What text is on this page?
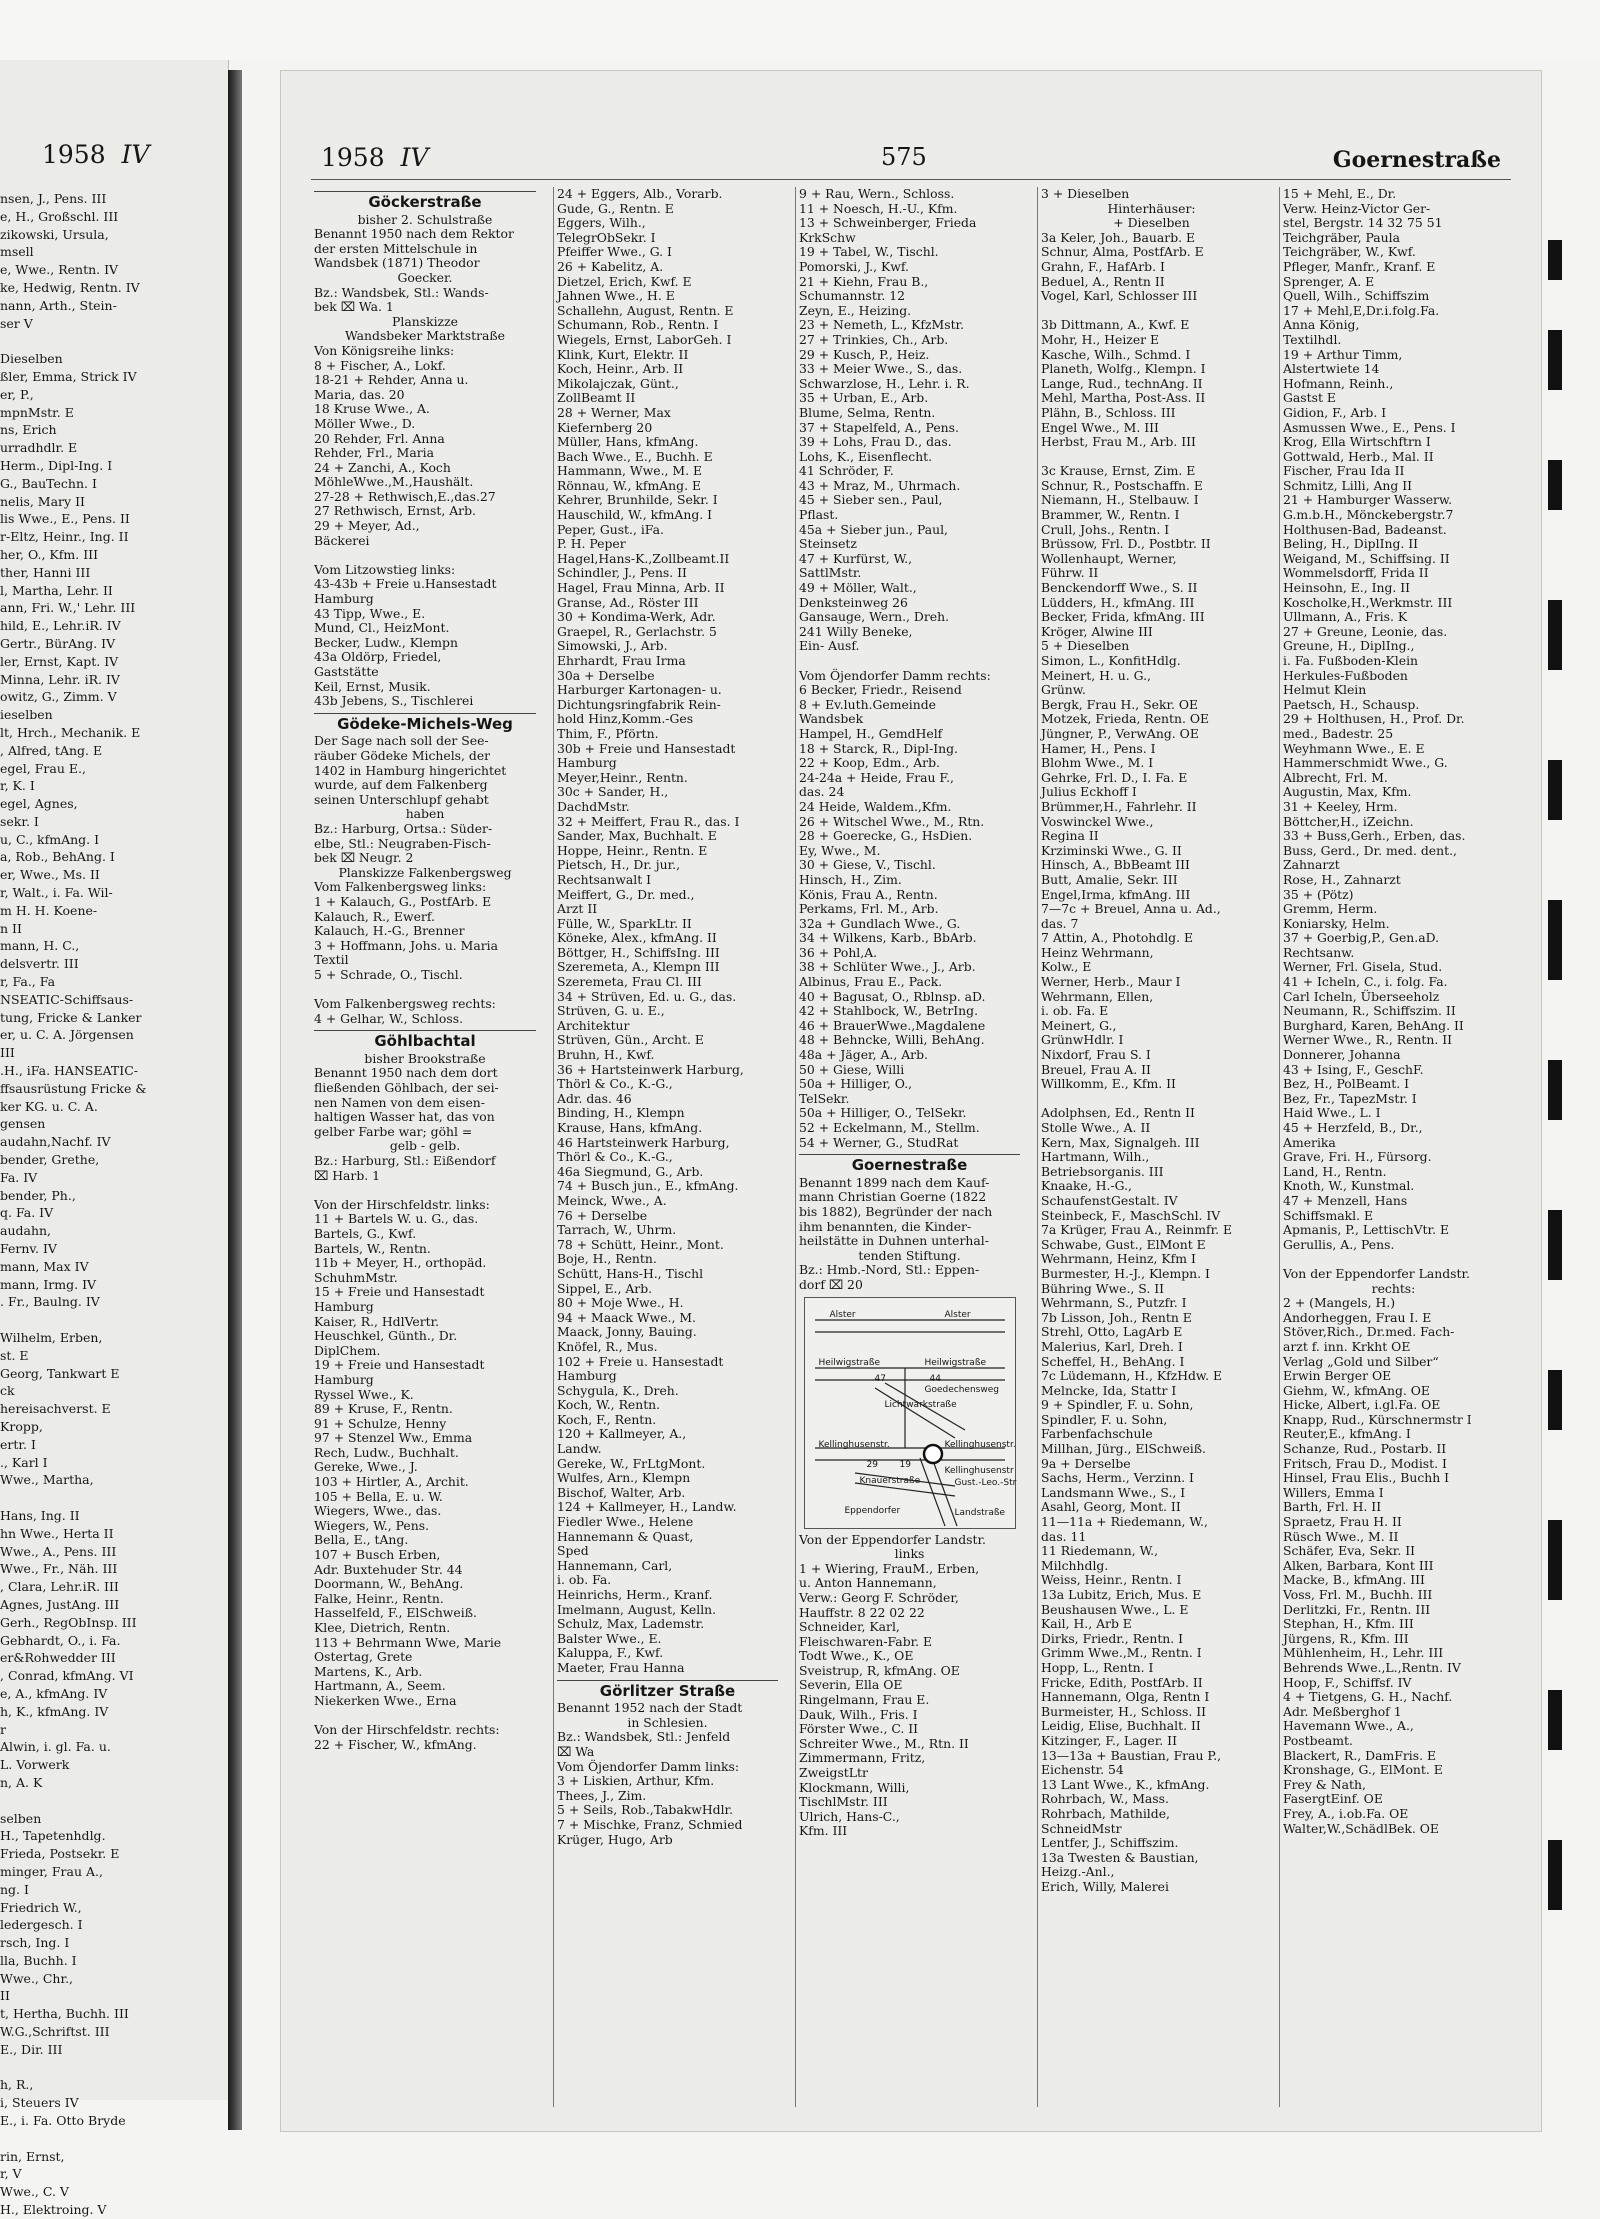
1958 IV
nsen, J., Pens. III
e, H., Großschl. III
zikowski, Ursula,
msell
e, Wwe., Rentn. IV
ke, Hedwig, Rentn. IV
nann, Arth., Stein-
ser V

Dieselben
ßler, Emma, Strick IV
er, P.,
mpnMstr. E
ns, Erich
urradhdlr. E
Herm., Dipl-Ing. I
G., BauTechn. I
nelis, Mary II
lis Wwe., E., Pens. II
r-Eltz, Heinr., Ing. II
her, O., Kfm. III
ther, Hanni III
l, Martha, Lehr. II
ann, Fri. W.,' Lehr. III
hild, E., Lehr.iR. IV
Gertr., BürAng. IV
ler, Ernst, Kapt. IV
Minna, Lehr. iR. IV
owitz, G., Zimm. V
ieselben
lt, Hrch., Mechanik. E
, Alfred, tAng. E
egel, Frau E.,
r, K. I
egel, Agnes,
sekr. I
u, C., kfmAng. I
a, Rob., BehAng. I
er, Wwe., Ms. II
r, Walt., i. Fa. Wil-
m H. H. Koene-
n II
mann, H. C.,
delsvertr. III
r, Fa., Fa
NSEATIC-Schiffsaus-
tung, Fricke & Lanker
er, u. C. A. Jörgensen
III
.H., iFa. HANSEATIC-
ffsausrüstung Fricke &
ker KG. u. C. A.
gensen
audahn,Nachf. IV
bender, Grethe,
Fa. IV
bender, Ph.,
q. Fa. IV
audahn,
Fernv. IV
mann, Max IV
mann, Irmg. IV
. Fr., Baulng. IV

Wilhelm, Erben,
st. E
Georg, Tankwart E
ck
hereisachverst. E
Kropp,
ertr. I
., Karl I
Wwe., Martha,

Hans, Ing. II
hn Wwe., Herta II
Wwe., A., Pens. III
Wwe., Fr., Näh. III
, Clara, Lehr.iR. III
Agnes, JustAng. III
Gerh., RegObInsp. III
Gebhardt, O., i. Fa.
er&Rohwedder III
, Conrad, kfmAng. VI
e, A., kfmAng. IV
h, K., kfmAng. IV
r
Alwin, i. gl. Fa. u.
L. Vorwerk
n, A. K

selben
H., Tapetenhdlg.
Frieda, Postsekr. E
minger, Frau A.,
ng. I
Friedrich W.,
ledergesch. I
rsch, Ing. I
lla, Buchh. I
Wwe., Chr.,
II
t, Hertha, Buchh. III
W.G.,Schriftst. III
E., Dir. III

h, R.,
i, Steuers IV
E., i. Fa. Otto Bryde

rin, Ernst,
r, V
Wwe., C. V
H., Elektroing. V
1958 IV	575	Goernestraße

Göckerstraße

bisher 2. Schulstraße

Benannt 1950 nach dem Rektor

der ersten Mittelschule in

Wandsbek (1871) Theodor

Goecker.

Bz.: Wandsbek, Stl.: Wands-

bek ⌧ Wa. 1

Planskizze

Wandsbeker Marktstraße

Von Königsreihe links:

8 + Fischer, A., Lokf.

18-21 + Rehder, Anna u.

Maria, das. 20

18 Kruse Wwe., A.

Möller Wwe., D.

20 Rehder, Frl. Anna

Rehder, Frl., Maria

24 + Zanchi, A., Koch

MöhleWwe.,M.,Haushält.

27-28 + Rethwisch,E.,das.27

27 Rethwisch, Ernst, Arb.

29 + Meyer, Ad.,

Bäckerei

Vom Litzowstieg links:

43-43b + Freie u.Hansestadt

Hamburg

43 Tipp, Wwe., E.

Mund, Cl., HeizMont.

Becker, Ludw., Klempn

43a Oldörp, Friedel,

Gaststätte

Keil, Ernst, Musik.

43b Jebens, S., Tischlerei

Gödeke-Michels-Weg

Der Sage nach soll der See-

räuber Gödeke Michels, der

1402 in Hamburg hingerichtet

wurde, auf dem Falkenberg

seinen Unterschlupf gehabt

haben

Bz.: Harburg, Ortsa.: Süder-

elbe, Stl.: Neugraben-Fisch-

bek ⌧ Neugr. 2

Planskizze Falkenbergsweg

Vom Falkenbergsweg links:

1 + Kalauch, G., PostfArb. E

Kalauch, R., Ewerf.

Kalauch, H.-G., Brenner

3 + Hoffmann, Johs. u. Maria

Textil

5 + Schrade, O., Tischl.

Vom Falkenbergsweg rechts:

4 + Gelhar, W., Schloss.

Göhlbachtal

bisher Brookstraße

Benannt 1950 nach dem dort

fließenden Göhlbach, der sei-

nen Namen von dem eisen-

haltigen Wasser hat, das von

gelber Farbe war; göhl =

gelb - gelb.

Bz.: Harburg, Stl.: Eißendorf

⌧ Harb. 1

Von der Hirschfeldstr. links:

11 + Bartels W. u. G., das.

Bartels, G., Kwf.

Bartels, W., Rentn.

11b + Meyer, H., orthopäd.

SchuhmMstr.

15 + Freie und Hansestadt

Hamburg

Kaiser, R., HdlVertr.

Heuschkel, Günth., Dr.

DiplChem.

19 + Freie und Hansestadt

Hamburg

Ryssel Wwe., K.

89 + Kruse, F., Rentn.

91 + Schulze, Henny

97 + Stenzel Ww., Emma

Rech, Ludw., Buchhalt.

Gereke, Wwe., J.

103 + Hirtler, A., Archit.

105 + Bella, E. u. W.

Wiegers, Wwe., das.

Wiegers, W., Pens.

Bella, E., tAng.

107 + Busch Erben,

Adr. Buxtehuder Str. 44

Doormann, W., BehAng.

Falke, Heinr., Rentn.

Hasselfeld, F., ElSchweiß.

Klee, Dietrich, Rentn.

113 + Behrmann Wwe, Marie

Ostertag, Grete

Martens, K., Arb.

Hartmann, A., Seem.

Niekerken Wwe., Erna

Von der Hirschfeldstr. rechts:

22 + Fischer, W., kfmAng.

24 + Eggers, Alb., Vorarb.

Gude, G., Rentn. E

Eggers, Wilh.,

TelegrObSekr. I

Pfeiffer Wwe., G. I

26 + Kabelitz, A.

Dietzel, Erich, Kwf. E

Jahnen Wwe., H. E

Schallehn, August, Rentn. E

Schumann, Rob., Rentn. I

Wiegels, Ernst, LaborGeh. I

Klink, Kurt, Elektr. II

Koch, Heinr., Arb. II

Mikolajczak, Günt.,

ZollBeamt II

28 + Werner, Max

Kiefernberg 20

Müller, Hans, kfmAng.

Bach Wwe., E., Buchh. E

Hammann, Wwe., M. E

Rönnau, W., kfmAng. E

Kehrer, Brunhilde, Sekr. I

Hauschild, W., kfmAng. I

Peper, Gust., iFa.

P. H. Peper

Hagel,Hans-K.,Zollbeamt.II

Schindler, J., Pens. II

Hagel, Frau Minna, Arb. II

Granse, Ad., Röster III

30 + Kondima-Werk, Adr.

Graepel, R., Gerlachstr. 5

Simowski, J., Arb.

Ehrhardt, Frau Irma

30a + Derselbe

Harburger Kartonagen- u.

Dichtungsringfabrik Rein-

hold Hinz,Komm.-Ges

Thim, F., Pförtn.

30b + Freie und Hansestadt

Hamburg

Meyer,Heinr., Rentn.

30c + Sander, H.,

DachdMstr.

32 + Meiffert, Frau R., das. I

Sander, Max, Buchhalt. E

Hoppe, Heinr., Rentn. E

Pietsch, H., Dr. jur.,

Rechtsanwalt I

Meiffert, G., Dr. med.,

Arzt II

Fülle, W., SparkLtr. II

Köneke, Alex., kfmAng. II

Böttger, H., SchiffsIng. III

Szeremeta, A., Klempn III

Szeremeta, Frau Cl. III

34 + Strüven, Ed. u. G., das.

Strüven, G. u. E.,

Architektur

Strüven, Gün., Archt. E

Bruhn, H., Kwf.

36 + Hartsteinwerk Harburg,

Thörl & Co., K.-G.,

Adr. das. 46

Binding, H., Klempn

Krause, Hans, kfmAng.

46 Hartsteinwerk Harburg,

Thörl & Co., K.-G.,

46a Siegmund, G., Arb.

74 + Busch jun., E., kfmAng.

Meinck, Wwe., A.

76 + Derselbe

Tarrach, W., Uhrm.

78 + Schütt, Heinr., Mont.

Boje, H., Rentn.

Schütt, Hans-H., Tischl

Sippel, E., Arb.

80 + Moje Wwe., H.

94 + Maack Wwe., M.

Maack, Jonny, Bauing.

Knöfel, R., Mus.

102 + Freie u. Hansestadt

Hamburg

Schygula, K., Dreh.

Koch, W., Rentn.

Koch, F., Rentn.

120 + Kallmeyer, A.,

Landw.

Gereke, W., FrLtgMont.

Wulfes, Arn., Klempn

Bischof, Walter, Arb.

124 + Kallmeyer, H., Landw.

Fiedler Wwe., Helene

Hannemann & Quast,

Sped

Hannemann, Carl,

i. ob. Fa.

Heinrichs, Herm., Kranf.

Imelmann, August, Kelln.

Schulz, Max, Lademstr.

Balster Wwe., E.

Kaluppa, F., Kwf.

Maeter, Frau Hanna

Görlitzer Straße

Benannt 1952 nach der Stadt

in Schlesien.

Bz.: Wandsbek, Stl.: Jenfeld

⌧ Wa

Vom Öjendorfer Damm links:

3 + Liskien, Arthur, Kfm.

Thees, J., Zim.

5 + Seils, Rob.,TabakwHdlr.

7 + Mischke, Franz, Schmied

Krüger, Hugo, Arb

9 + Rau, Wern., Schloss.

11 + Noesch, H.-U., Kfm.

13 + Schweinberger, Frieda

KrkSchw

19 + Tabel, W., Tischl.

Pomorski, J., Kwf.

21 + Kiehn, Frau B.,

Schumannstr. 12

Zeyn, E., Heizing.

23 + Nemeth, L., KfzMstr.

27 + Trinkies, Ch., Arb.

29 + Kusch, P., Heiz.

33 + Meier Wwe., S., das.

Schwarzlose, H., Lehr. i. R.

35 + Urban, E., Arb.

Blume, Selma, Rentn.

37 + Stapelfeld, A., Pens.

39 + Lohs, Frau D., das.

Lohs, K., Eisenflecht.

41 Schröder, F.

43 + Mraz, M., Uhrmach.

45 + Sieber sen., Paul,

Pflast.

45a + Sieber jun., Paul,

Steinsetz

47 + Kurfürst, W.,

SattlMstr.

49 + Möller, Walt.,

Denksteinweg 26

Gansauge, Wern., Dreh.

241 Willy Beneke,

Ein- Ausf.

Vom Öjendorfer Damm rechts:

6 Becker, Friedr., Reisend

8 + Ev.luth.Gemeinde

Wandsbek

Hampel, H., GemdHelf

18 + Starck, R., Dipl-Ing.

22 + Koop, Edm., Arb.

24-24a + Heide, Frau F.,

das. 24

24 Heide, Waldem.,Kfm.

26 + Witschel Wwe., M., Rtn.

28 + Goerecke, G., HsDien.

Ey, Wwe., M.

30 + Giese, V., Tischl.

Hinsch, H., Zim.

Könis, Frau A., Rentn.

Perkams, Frl. M., Arb.

32a + Gundlach Wwe., G.

34 + Wilkens, Karb., BbArb.

36 + Pohl,A.

38 + Schlüter Wwe., J., Arb.

Albinus, Frau E., Pack.

40 + Bagusat, O., Rblnsp. aD.

42 + Stahlbock, W., BetrIng.

46 + BrauerWwe.,Magdalene

48 + Behncke, Willi, BehAng.

48a + Jäger, A., Arb.

50 + Giese, Willi

50a + Hilliger, O.,

TelSekr.

50a + Hilliger, O., TelSekr.

52 + Eckelmann, M., Stellm.

54 + Werner, G., StudRat

Goernestraße

Benannt 1899 nach dem Kauf-

mann Christian Goerne (1822

bis 1882), Begründer der nach

ihm benannten, die Kinder-

heilstätte in Duhnen unterhal-

tenden Stiftung.

Bz.: Hmb.-Nord, Stl.: Eppen-

dorf ⌧ 20

Alster	Alster
Heilwigstraße	Heilwigstraße
Goedechensweg
Kellinghusenstr.	Kellinghusenstr.
Kellinghusenstr
Knauerstraße	Gust.-Leo.-Str
Eppendorfer	Landstraße
Lichtwarkstraße
47	44
29 19

Von der Eppendorfer Landstr.

links

1 + Wiering, FrauM., Erben,

u. Anton Hannemann,

Verw.: Georg F. Schröder,

Hauffstr. 8 22 02 22

Schneider, Karl,

Fleischwaren-Fabr. E

Todt Wwe., K., OE

Sveistrup, R, kfmAng. OE

Severin, Ella OE

Ringelmann, Frau E.

Dauk, Wilh., Fris. I

Förster Wwe., C. II

Schreiter Wwe., M., Rtn. II

Zimmermann, Fritz,

ZweigstLtr

Klockmann, Willi,

TischlMstr. III

Ulrich, Hans-C.,

Kfm. III

3 + Dieselben

Hinterhäuser:

+ Dieselben

3a Keler, Joh., Bauarb. E

Schnur, Alma, PostfArb. E

Grahn, F., HafArb. I

Beduel, A., Rentn II

Vogel, Karl, Schlosser III

3b Dittmann, A., Kwf. E

Mohr, H., Heizer E

Kasche, Wilh., Schmd. I

Planeth, Wolfg., Klempn. I

Lange, Rud., technAng. II

Mehl, Martha, Post-Ass. II

Plähn, B., Schloss. III

Engel Wwe., M. III

Herbst, Frau M., Arb. III

3c Krause, Ernst, Zim. E

Schnur, R., Postschaffn. E

Niemann, H., Stelbauw. I

Brammer, W., Rentn. I

Crull, Johs., Rentn. I

Brüssow, Frl. D., Postbtr. II

Wollenhaupt, Werner,

Führw. II

Benckendorff Wwe., S. II

Lüdders, H., kfmAng. III

Becker, Frida, kfmAng. III

Kröger, Alwine III

5 + Dieselben

Simon, L., KonfitHdlg.

Meinert, H. u. G.,

Grünw.

Bergk, Frau H., Sekr. OE

Motzek, Frieda, Rentn. OE

Jüngner, P., VerwAng. OE

Hamer, H., Pens. I

Blohm Wwe., M. I

Gehrke, Frl. D., I. Fa. E

Julius Eckhoff I

Brümmer,H., Fahrlehr. II

Voswinckel Wwe.,

Regina II

Krziminski Wwe., G. II

Hinsch, A., BbBeamt III

Butt, Amalie, Sekr. III

Engel,Irma, kfmAng. III

7—7c + Breuel, Anna u. Ad.,

das. 7

7 Attin, A., Photohdlg. E

Heinz Wehrmann,

Kolw., E

Werner, Herb., Maur I

Wehrmann, Ellen,

i. ob. Fa. E

Meinert, G.,

GrünwHdlr. I

Nixdorf, Frau S. I

Breuel, Frau A. II

Willkomm, E., Kfm. II

Adolphsen, Ed., Rentn II

Stolle Wwe., A. II

Kern, Max, Signalgeh. III

Hartmann, Wilh.,

Betriebsorganis. III

Knaake, H.-G.,

SchaufenstGestalt. IV

Steinbeck, F., MaschSchl. IV

7a Krüger, Frau A., Reinmfr. E

Schwabe, Gust., ElMont E

Wehrmann, Heinz, Kfm I

Burmester, H.-J., Klempn. I

Bühring Wwe., S. II

Wehrmann, S., Putzfr. I

7b Lisson, Joh., Rentn E

Strehl, Otto, LagArb E

Malerius, Karl, Dreh. I

Scheffel, H., BehAng. I

7c Lüdemann, H., KfzHdw. E

Melncke, Ida, Stattr I

9 + Spindler, F. u. Sohn,

Spindler, F. u. Sohn,

Farbenfachschule

Millhan, Jürg., ElSchweiß.

9a + Derselbe

Sachs, Herm., Verzinn. I

Landsmann Wwe., S., I

Asahl, Georg, Mont. II

11—11a + Riedemann, W.,

das. 11

11 Riedemann, W.,

Milchhdlg.

Weiss, Heinr., Rentn. I

13a Lubitz, Erich, Mus. E

Beushausen Wwe., L. E

Kail, H., Arb E

Dirks, Friedr., Rentn. I

Grimm Wwe.,M., Rentn. I

Hopp, L., Rentn. I

Fricke, Edith, PostfArb. II

Hannemann, Olga, Rentn I

Burmeister, H., Schloss. II

Leidig, Elise, Buchhalt. II

Kitzinger, F., Lager. II

13—13a + Baustian, Frau P.,

Eichenstr. 54

13 Lant Wwe., K., kfmAng.

Rohrbach, W., Mass.

Rohrbach, Mathilde,

SchneidMstr

Lentfer, J., Schiffszim.

13a Twesten & Baustian,

Heizg.-Anl.,

Erich, Willy, Malerei

15 + Mehl, E., Dr.

Verw. Heinz-Victor Ger-

stel, Bergstr. 14 32 75 51

Teichgräber, Paula

Teichgräber, W., Kwf.

Pfleger, Manfr., Kranf. E

Sprenger, A. E

Quell, Wilh., Schiffszim

17 + Mehl,E,Dr.i.folg.Fa.

Anna König,

Textilhdl.

19 + Arthur Timm,

Alstertwiete 14

Hofmann, Reinh.,

Gastst E

Gidion, F., Arb. I

Asmussen Wwe., E., Pens. I

Krog, Ella Wirtschftrn I

Gottwald, Herb., Mal. II

Fischer, Frau Ida II

Schmitz, Lilli, Ang II

21 + Hamburger Wasserw.

G.m.b.H., Mönckebergstr.7

Holthusen-Bad, Badeanst.

Beling, H., DiplIng. II

Weigand, M., Schiffsing. II

Wommelsdorff, Frida II

Heinsohn, E., Ing. II

Koscholke,H.,Werkmstr. III

Ullmann, A., Fris. K

27 + Greune, Leonie, das.

Greune, H., DiplIng.,

i. Fa. Fußboden-Klein

Herkules-Fußboden

Helmut Klein

Paetsch, H., Schausp.

29 + Holthusen, H., Prof. Dr.

med., Badestr. 25

Weyhmann Wwe., E. E

Hammerschmidt Wwe., G.

Albrecht, Frl. M.

Augustin, Max, Kfm.

31 + Keeley, Hrm.

Böttcher,H., iZeichn.

33 + Buss,Gerh., Erben, das.

Buss, Gerd., Dr. med. dent.,

Zahnarzt

Rose, H., Zahnarzt

35 + (Pötz)

Gremm, Herm.

Koniarsky, Helm.

37 + Goerbig,P., Gen.aD.

Rechtsanw.

Werner, Frl. Gisela, Stud.

41 + Icheln, C., i. folg. Fa.

Carl Icheln, Überseeholz

Neumann, R., Schiffszim. II

Burghard, Karen, BehAng. II

Werner Wwe., R., Rentn. II

Donnerer, Johanna

43 + Ising, F., GeschF.

Bez, H., PolBeamt. I

Bez, Fr., TapezMstr. I

Haid Wwe., L. I

45 + Herzfeld, B., Dr.,

Amerika

Grave, Fri. H., Fürsorg.

Land, H., Rentn.

Knoth, W., Kunstmal.

47 + Menzell, Hans

Schiffsmakl. E

Apmanis, P., LettischVtr. E

Gerullis, A., Pens.

Von der Eppendorfer Landstr.

rechts:

2 + (Mangels, H.)

Andorheggen, Frau I. E

Stöver,Rich., Dr.med. Fach-

arzt f. inn. Krkht OE

Verlag „Gold und Silber“

Erwin Berger OE

Giehm, W., kfmAng. OE

Hicke, Albert, i.gl.Fa. OE

Knapp, Rud., Kürschnermstr I

Reuter,E., kfmAng. I

Schanze, Rud., Postarb. II

Fritsch, Frau D., Modist. I

Hinsel, Frau Elis., Buchh I

Willers, Emma I

Barth, Frl. H. II

Spraetz, Frau H. II

Rüsch Wwe., M. II

Schäfer, Eva, Sekr. II

Alken, Barbara, Kont III

Macke, B., kfmAng. III

Voss, Frl. M., Buchh. III

Derlitzki, Fr., Rentn. III

Stephan, H., Kfm. III

Jürgens, R., Kfm. III

Mühlenheim, H., Lehr. III

Behrends Wwe.,L.,Rentn. IV

Hoop, F., Schiffsf. IV

4 + Tietgens, G. H., Nachf.

Adr. Meßberghof 1

Havemann Wwe., A.,

Postbeamt.

Blackert, R., DamFris. E

Kronshage, G., ElMont. E

Frey & Nath,

FasergtEinf. OE

Frey, A., i.ob.Fa. OE

Walter,W.,SchädlBek. OE
